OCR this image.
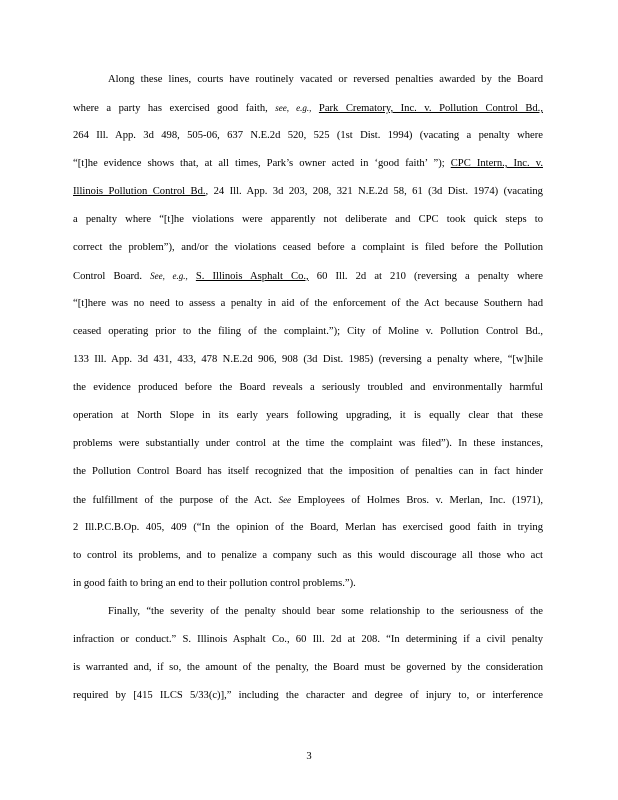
Along these lines, courts have routinely vacated or reversed penalties awarded by the Board
where a party has exercised good faith, see, e.g., Park Crematory, Inc. v. Pollution Control Bd.,
264 Ill. App. 3d 498, 505-06, 637 N.E.2d 520, 525 (1st Dist. 1994) (vacating a penalty where
“[t]he evidence shows that, at all times, Park’s owner acted in ‘good faith’ ”); CPC Intern., Inc. v.
Illinois Pollution Control Bd., 24 Ill. App. 3d 203, 208, 321 N.E.2d 58, 61 (3d Dist. 1974) (vacating
a penalty where “[t]he violations were apparently not deliberate and CPC took quick steps to
correct the problem”), and/or the violations ceased before a complaint is filed before the Pollution
Control Board. See, e.g., S. Illinois Asphalt Co., 60 Ill. 2d at 210 (reversing a penalty where
“[t]here was no need to assess a penalty in aid of the enforcement of the Act because Southern had
ceased operating prior to the filing of the complaint.”); City of Moline v. Pollution Control Bd.,
133 Ill. App. 3d 431, 433, 478 N.E.2d 906, 908 (3d Dist. 1985) (reversing a penalty where, “[w]hile
the evidence produced before the Board reveals a seriously troubled and environmentally harmful
operation at North Slope in its early years following upgrading, it is equally clear that these
problems were substantially under control at the time the complaint was filed”). In these instances,
the Pollution Control Board has itself recognized that the imposition of penalties can in fact hinder
the fulfillment of the purpose of the Act. See Employees of Holmes Bros. v. Merlan, Inc. (1971),
2 Ill.P.C.B.Op. 405, 409 (“In the opinion of the Board, Merlan has exercised good faith in trying
to control its problems, and to penalize a company such as this would discourage all those who act
in good faith to bring an end to their pollution control problems.”).
Finally, “the severity of the penalty should bear some relationship to the seriousness of the
infraction or conduct.” S. Illinois Asphalt Co., 60 Ill. 2d at 208. “In determining if a civil penalty
is warranted and, if so, the amount of the penalty, the Board must be governed by the consideration
required by [415 ILCS 5/33(c)],” including the character and degree of injury to, or interference
3
